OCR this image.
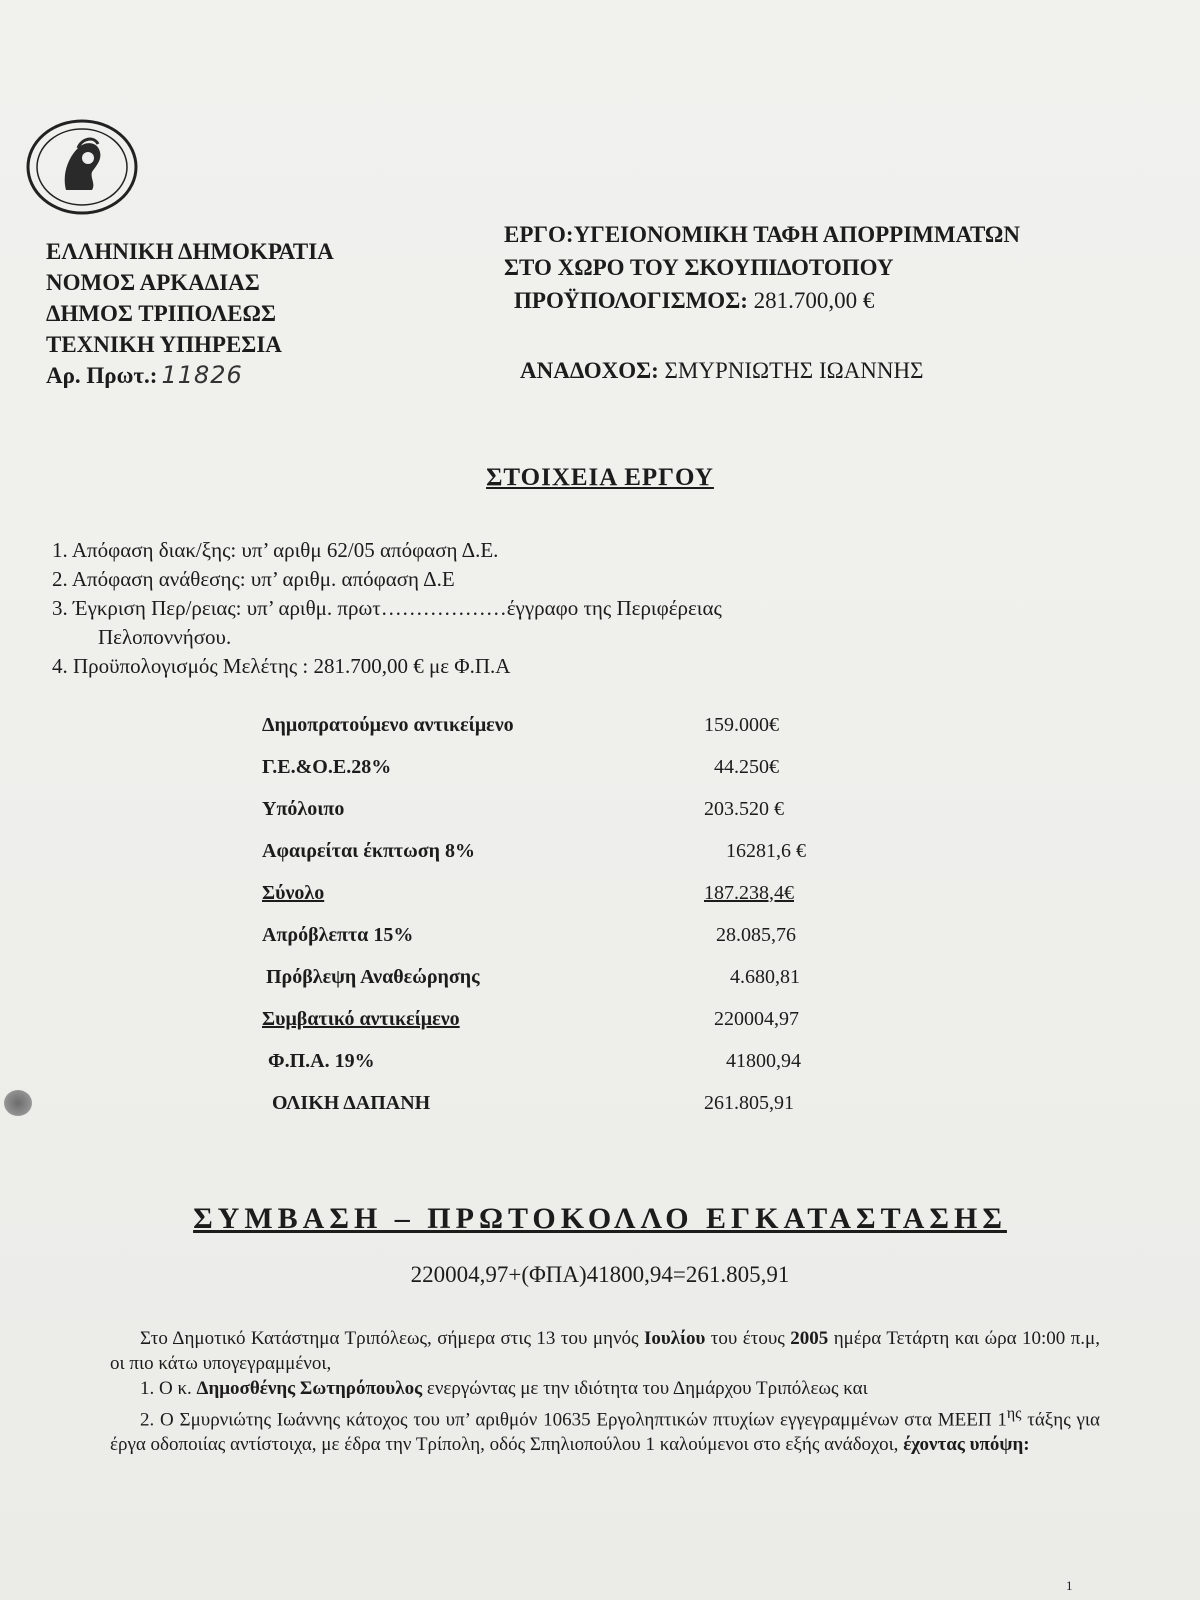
ΕΛΛΗΝΙΚΗ ΔΗΜΟΚΡΑΤΙΑ
ΝΟΜΟΣ ΑΡΚΑΔΙΑΣ
ΔΗΜΟΣ ΤΡΙΠΟΛΕΩΣ
ΤΕΧΝΙΚΗ ΥΠΗΡΕΣΙΑ
Αρ. Πρωτ.: 11826
ΕΡΓΟ:ΥΓΕΙΟΝΟΜΙΚΗ ΤΑΦΗ ΑΠΟΡΡΙΜΜΑΤΩΝ
ΣΤΟ ΧΩΡΟ ΤΟΥ ΣΚΟΥΠΙΔΟΤΟΠΟΥ
ΠΡΟΫΠΟΛΟΓΙΣΜΟΣ: 281.700,00 €
ΑΝΑΔΟΧΟΣ: ΣΜΥΡΝΙΩΤΗΣ ΙΩΑΝΝΗΣ
ΣΤΟΙΧΕΙΑ ΕΡΓΟΥ
1. Απόφαση διακ/ξης: υπ’ αριθμ 62/05 απόφαση Δ.Ε.
2. Απόφαση ανάθεσης: υπ’ αριθμ. απόφαση Δ.Ε
3. Έγκριση Περ/ρειας: υπ’ αριθμ. πρωτ………………έγγραφο της Περιφέρειας
Πελοποννήσου.
4. Προϋπολογισμός Μελέτης : 281.700,00 € με Φ.Π.Α
Δημοπρατούμενο αντικείμενο	159.000€
Γ.Ε.&Ο.Ε.28%	44.250€
Υπόλοιπο	203.520 €
Αφαιρείται έκπτωση 8%	16281,6 €
Σύνολο	187.238,4€
Απρόβλεπτα 15%	28.085,76
Πρόβλεψη Αναθεώρησης	4.680,81
Συμβατικό αντικείμενο	220004,97
Φ.Π.Α. 19%	41800,94
ΟΛΙΚΗ ΔΑΠΑΝΗ	261.805,91
ΣΥΜΒΑΣΗ – ΠΡΩΤΟΚΟΛΛΟ ΕΓΚΑΤΑΣΤΑΣΗΣ
220004,97+(ΦΠΑ)41800,94=261.805,91

Στο Δημοτικό Κατάστημα Τριπόλεως, σήμερα στις 13 του μηνός Ιουλίου του έτους 2005 ημέρα Τετάρτη και ώρα 10:00 π.μ, οι πιο κάτω υπογεγραμμένοι,

1. Ο κ. Δημοσθένης Σωτηρόπουλος ενεργώντας με την ιδιότητα του Δημάρχου Τριπόλεως και

2. Ο Σμυρνιώτης Ιωάννης κάτοχος του υπ’ αριθμόν 10635 Εργοληπτικών πτυχίων εγγεγραμμένων στα ΜΕΕΠ $1^{\eta\varsigma}$ τάξης για έργα οδοποιίας αντίστοιχα, με έδρα την Τρίπολη, οδός Σπηλιοπούλου 1 καλούμενοι στο εξής ανάδοχοι, έχοντας υπόψη:

1
